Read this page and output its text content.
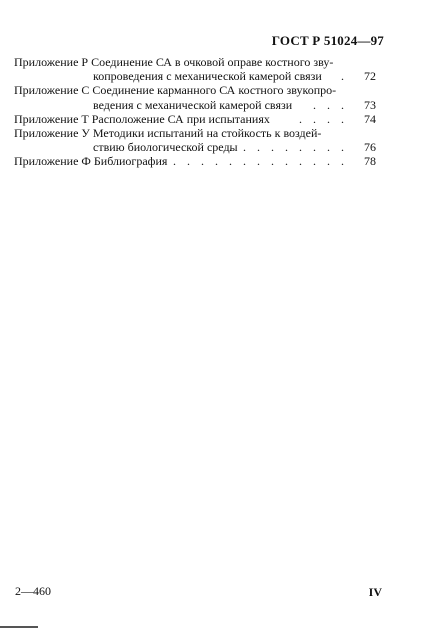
ГОСТ Р 51024—97
Приложение Р Соединение СА в очковой оправе костного зву-
копроведения с механической камерой связи .	72
Приложение С Соединение карманного СА костного звукопро-
ведения с механической камерой связи . . .	73
Приложение Т Расположение СА при испытаниях . . . .	74
Приложение У Методики испытаний на стойкость к воздей-
ствию биологической среды
. . . . . . . . .	76
Приложение Ф Библиография . . . . . . . . . . . . .	78
2—460	IV
